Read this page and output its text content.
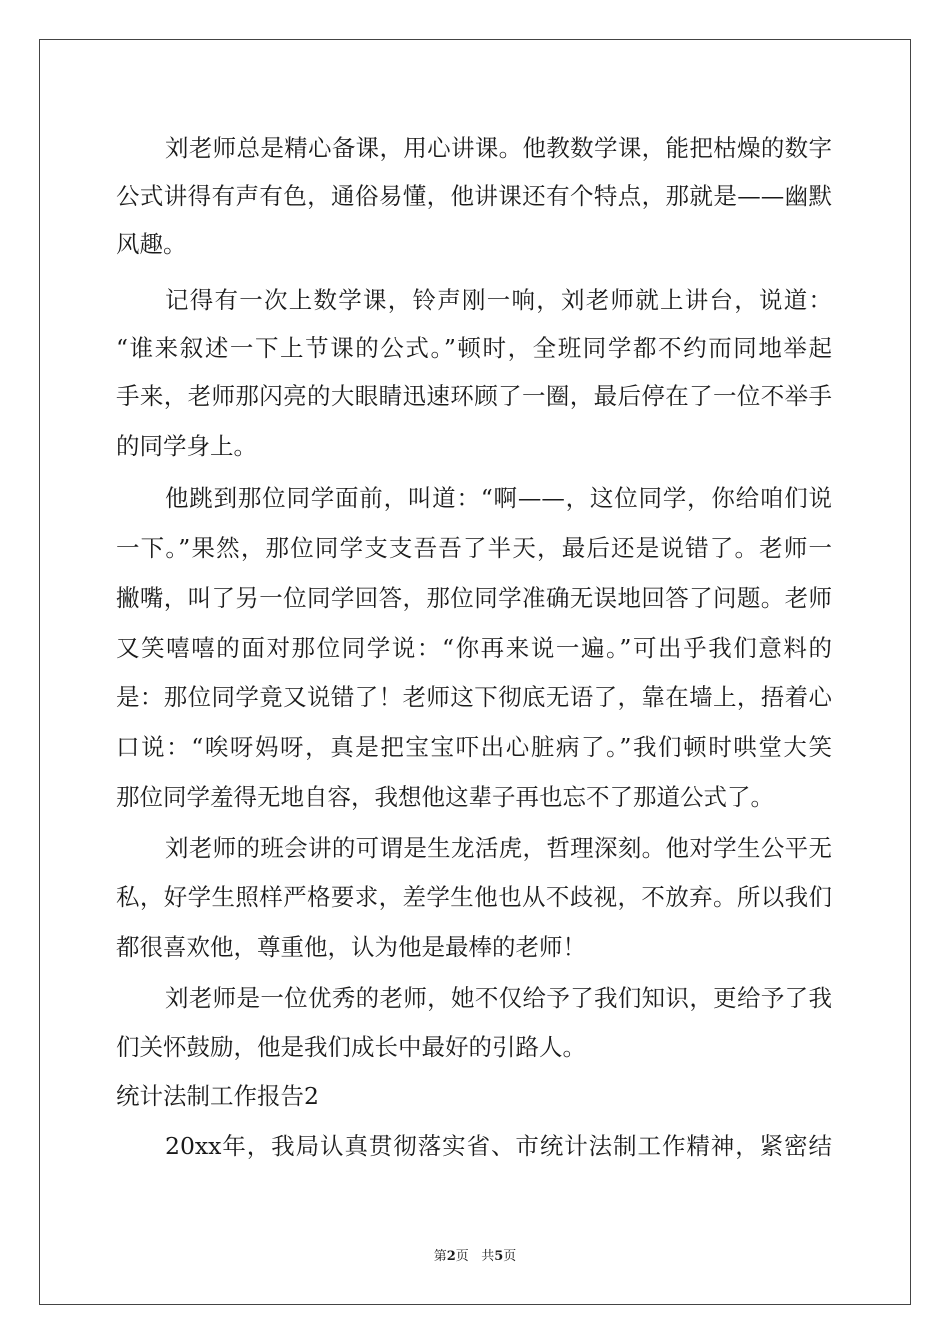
刘老师总是精心备课，用心讲课。他教数学课，能把枯燥的数字
公式讲得有声有色，通俗易懂，他讲课还有个特点，那就是——幽默
风趣。
记得有一次上数学课，铃声刚一响，刘老师就上讲台，说道：
“谁来叙述一下上节课的公式。”顿时，全班同学都不约而同地举起
手来，老师那闪亮的大眼睛迅速环顾了一圈，最后停在了一位不举手
的同学身上。
他跳到那位同学面前，叫道：“啊——，这位同学，你给咱们说
一下。”果然，那位同学支支吾吾了半天，最后还是说错了。老师一
撇嘴，叫了另一位同学回答，那位同学准确无误地回答了问题。老师
又笑嘻嘻的面对那位同学说：“你再来说一遍。”可出乎我们意料的
是：那位同学竟又说错了！老师这下彻底无语了，靠在墙上，捂着心
口说：“唉呀妈呀，真是把宝宝吓出心脏病了。”我们顿时哄堂大笑
那位同学羞得无地自容，我想他这辈子再也忘不了那道公式了。
刘老师的班会讲的可谓是生龙活虎，哲理深刻。他对学生公平无
私，好学生照样严格要求，差学生他也从不歧视，不放弃。所以我们
都很喜欢他，尊重他，认为他是最棒的老师！
刘老师是一位优秀的老师，她不仅给予了我们知识，更给予了我
们关怀鼓励，他是我们成长中最好的引路人。
统计法制工作报告2
20xx年，我局认真贯彻落实省、市统计法制工作精神，紧密结
第2页 共5页
